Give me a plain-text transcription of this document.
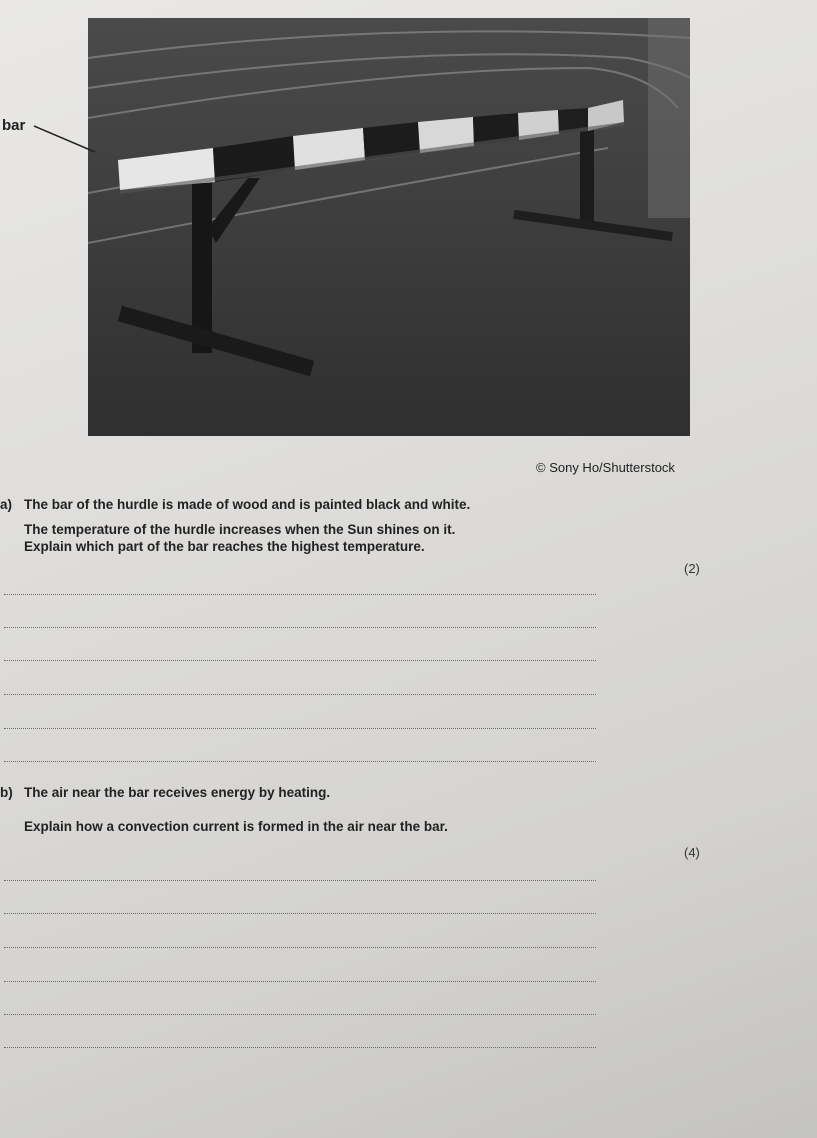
bar
© Sony Ho/Shutterstock
a) The bar of the hurdle is made of wood and is painted black and white.
The temperature of the hurdle increases when the Sun shines on it.
Explain which part of the bar reaches the highest temperature.
(2)
b) The air near the bar receives energy by heating.
Explain how a convection current is formed in the air near the bar.
(4)
